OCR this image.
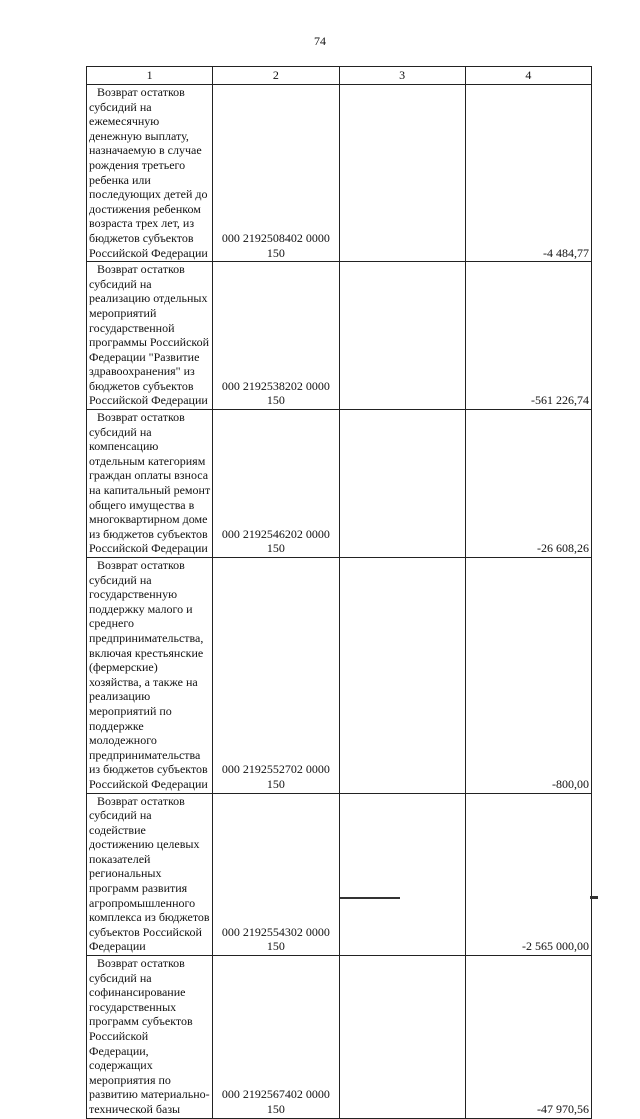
74
1	2	3	4
Возврат остатков субсидий на ежемесячную денежную выплату, назначаемую в случае рождения третьего ребенка или последующих детей до достижения ребенком возраста трех лет, из бюджетов субъектов Российской Федерации	000 2192508402 0000 150		-4 484,77
Возврат остатков субсидий на реализацию отдельных мероприятий государственной программы Российской Федерации "Развитие здравоохранения" из бюджетов субъектов Российской Федерации	000 2192538202 0000 150		-561 226,74
Возврат остатков субсидий на компенсацию отдельным категориям граждан оплаты взноса на капитальный ремонт общего имущества в многоквартирном доме из бюджетов субъектов Российской Федерации	000 2192546202 0000 150		-26 608,26
Возврат остатков субсидий на государственную поддержку малого и среднего предпринимательства, включая крестьянские (фермерские) хозяйства, а также на реализацию мероприятий по поддержке молодежного предпринимательства из бюджетов субъектов Российской Федерации	000 2192552702 0000 150		-800,00
Возврат остатков субсидий на содействие достижению целевых показателей региональных программ развития агропромышленного комплекса из бюджетов субъектов Российской Федерации	000 2192554302 0000 150		-2 565 000,00
Возврат остатков субсидий на софинансирование государственных программ субъектов Российской Федерации, содержащих мероприятия по развитию материально-технической базы	000 2192567402 0000 150		-47 970,56
